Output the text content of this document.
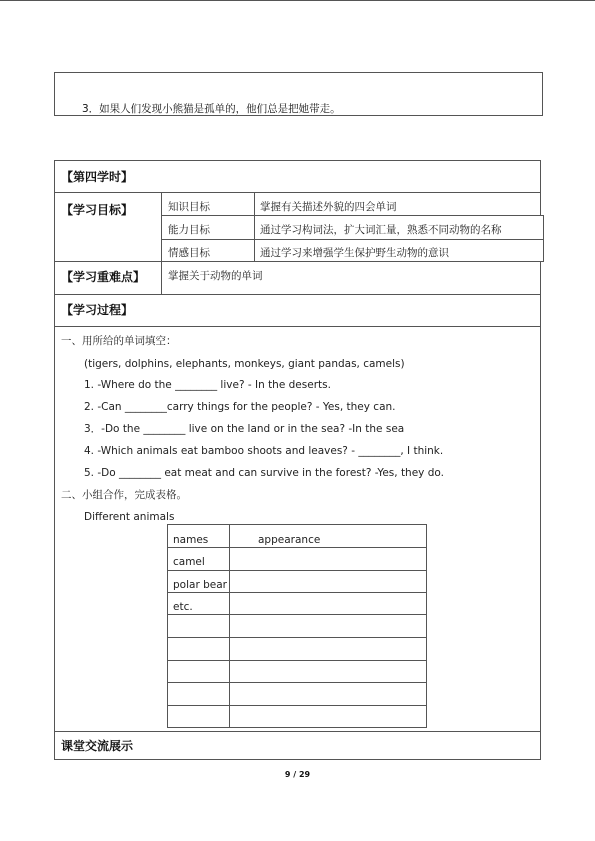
3．如果人们发现小熊猫是孤单的，他们总是把她带走。
【第四学时】
【学习目标】	知识目标	掌握有关描述外貌的四会单词
能力目标	通过学习构词法，扩大词汇量，熟悉不同动物的名称
情感目标	通过学习来增强学生保护野生动物的意识
【学习重难点】 掌握关于动物的单词
【学习过程】
一、用所给的单词填空：
(tigers, dolphins, elephants, monkeys, giant pandas, camels)
1. -Where do the ________ live? - In the deserts.
2. -Can ________carry things for the people? - Yes, they can.
3．-Do the ________ live on the land or in the sea? -In the sea
4. -Which animals eat bamboo shoots and leaves? - ________, I think.
5. -Do ________ eat meat and can survive in the forest? -Yes, they do.
二、小组合作，完成表格。
Different animals
names	appearance
camel
polar bear
etc.
课堂交流展示
9 / 29
